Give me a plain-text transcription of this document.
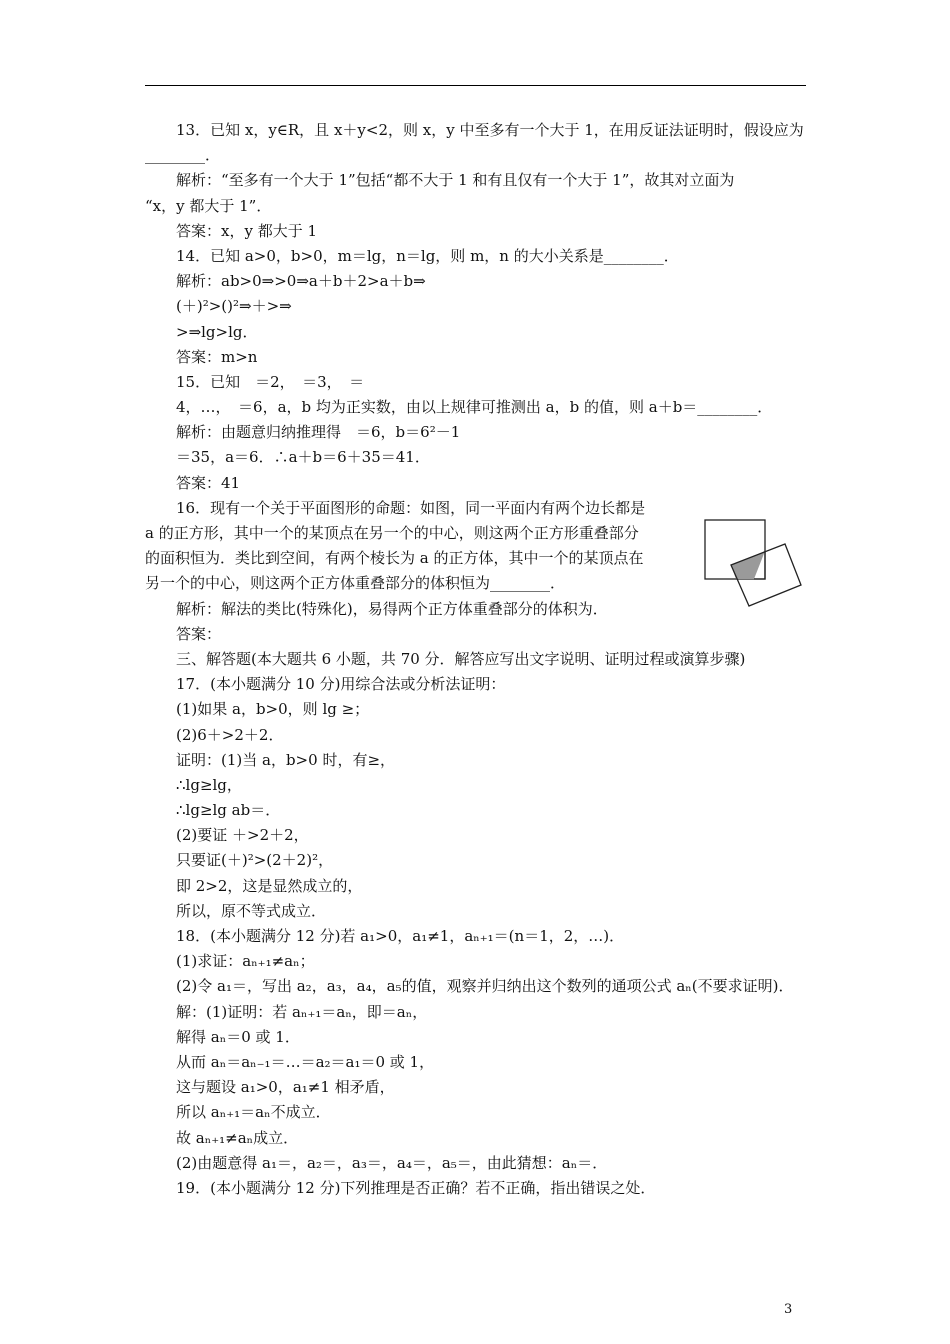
13．已知 x，y∈R，且 x＋y<2，则 x，y 中至多有一个大于 1，在用反证法证明时，假设应为
________．
解析：“至多有一个大于 1”包括“都不大于 1 和有且仅有一个大于 1”，故其对立面为
“x，y 都大于 1”．
答案：x，y 都大于 1
14．已知 a>0，b>0，m＝lg，n＝lg，则 m，n 的大小关系是________．
解析：ab>0⇒>0⇒a＋b＋2>a＋b⇒
(＋)²>()²⇒＋>⇒
>⇒lg>lg．
答案：m>n
15．已知　＝2，　＝3，　＝
4，…，　＝6，a，b 均为正实数，由以上规律可推测出 a，b 的值，则 a＋b＝________．
解析：由题意归纳推理得　＝6，b＝6²－1
＝35，a＝6．∴a＋b＝6＋35＝41．
答案：41
16．现有一个关于平面图形的命题：如图，同一平面内有两个边长都是
a 的正方形，其中一个的某顶点在另一个的中心，则这两个正方形重叠部分
的面积恒为．类比到空间，有两个棱长为 a 的正方体，其中一个的某顶点在
另一个的中心，则这两个正方体重叠部分的体积恒为________．
解析：解法的类比(特殊化)，易得两个正方体重叠部分的体积为．
答案：
三、解答题(本大题共 6 小题，共 70 分．解答应写出文字说明、证明过程或演算步骤)
17．(本小题满分 10 分)用综合法或分析法证明：
(1)如果 a，b>0，则 lg ≥；
(2)6＋>2＋2．
证明：(1)当 a，b>0 时，有≥，
∴lg≥lg，
∴lg≥lg ab＝．
(2)要证 ＋>2＋2，
只要证(＋)²>(2＋2)²，
即 2>2，这是显然成立的，
所以，原不等式成立．
18．(本小题满分 12 分)若 a₁>0，a₁≠1，aₙ₊₁＝(n＝1，2，…)．
(1)求证：aₙ₊₁≠aₙ；
(2)令 a₁＝，写出 a₂，a₃，a₄，a₅的值，观察并归纳出这个数列的通项公式 aₙ(不要求证明)．
解：(1)证明：若 aₙ₊₁＝aₙ，即＝aₙ，
解得 aₙ＝0 或 1．
从而 aₙ＝aₙ₋₁＝…＝a₂＝a₁＝0 或 1，
这与题设 a₁>0，a₁≠1 相矛盾，
所以 aₙ₊₁＝aₙ不成立．
故 aₙ₊₁≠aₙ成立．
(2)由题意得 a₁＝，a₂＝，a₃＝，a₄＝，a₅＝，由此猜想：aₙ＝．
19．(本小题满分 12 分)下列推理是否正确？若不正确，指出错误之处．
3
